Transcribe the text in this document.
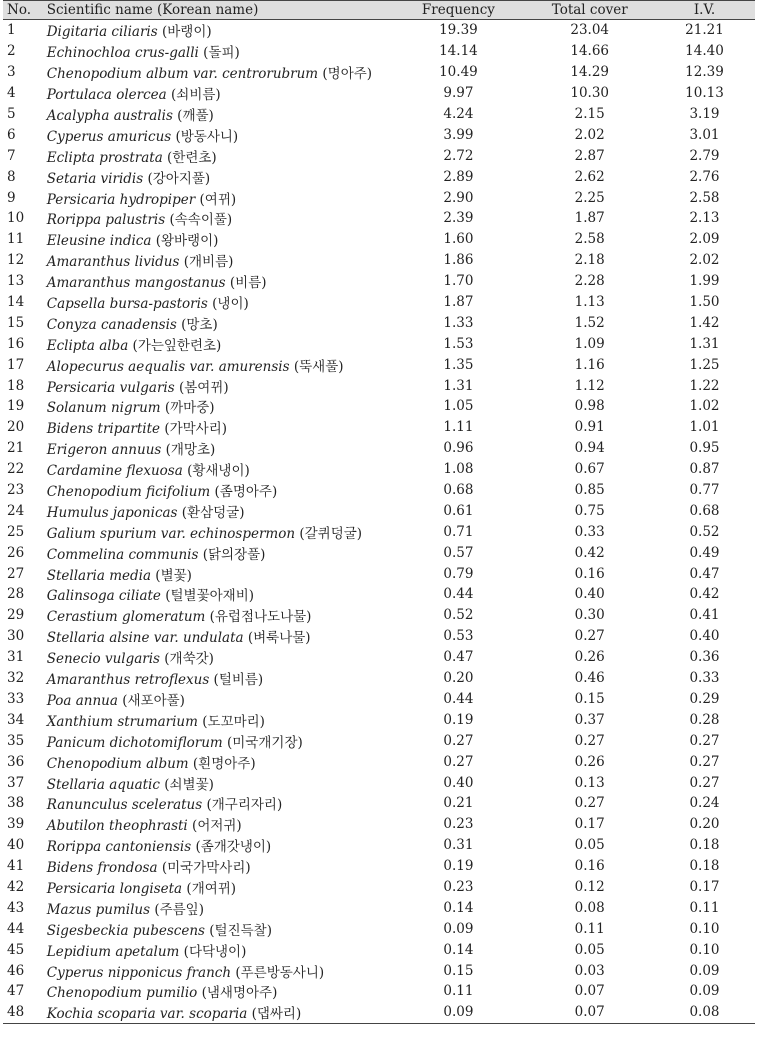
No.	Scientific name (Korean name)	Frequency	Total cover	I.V.
1	Digitaria ciliaris (바랭이)	19.39	23.04	21.21
2	Echinochloa crus-galli (돌피)	14.14	14.66	14.40
3	Chenopodium album var. centrorubrum (명아주)	10.49	14.29	12.39
4	Portulaca olercea (쇠비름)	9.97	10.30	10.13
5	Acalypha australis (깨풀)	4.24	2.15	3.19
6	Cyperus amuricus (방동사니)	3.99	2.02	3.01
7	Eclipta prostrata (한련초)	2.72	2.87	2.79
8	Setaria viridis (강아지풀)	2.89	2.62	2.76
9	Persicaria hydropiper (여뀌)	2.90	2.25	2.58
10	Rorippa palustris (속속이풀)	2.39	1.87	2.13
11	Eleusine indica (왕바랭이)	1.60	2.58	2.09
12	Amaranthus lividus (개비름)	1.86	2.18	2.02
13	Amaranthus mangostanus (비름)	1.70	2.28	1.99
14	Capsella bursa-pastoris (냉이)	1.87	1.13	1.50
15	Conyza canadensis (망초)	1.33	1.52	1.42
16	Eclipta alba (가는잎한련초)	1.53	1.09	1.31
17	Alopecurus aequalis var. amurensis (뚝새풀)	1.35	1.16	1.25
18	Persicaria vulgaris (봄여뀌)	1.31	1.12	1.22
19	Solanum nigrum (까마중)	1.05	0.98	1.02
20	Bidens tripartite (가막사리)	1.11	0.91	1.01
21	Erigeron annuus (개망초)	0.96	0.94	0.95
22	Cardamine flexuosa (황새냉이)	1.08	0.67	0.87
23	Chenopodium ficifolium (좀명아주)	0.68	0.85	0.77
24	Humulus japonicas (환삼덩굴)	0.61	0.75	0.68
25	Galium spurium var. echinospermon (갈퀴덩굴)	0.71	0.33	0.52
26	Commelina communis (닭의장풀)	0.57	0.42	0.49
27	Stellaria media (별꽃)	0.79	0.16	0.47
28	Galinsoga ciliate (털별꽃아재비)	0.44	0.40	0.42
29	Cerastium glomeratum (유럽점나도나물)	0.52	0.30	0.41
30	Stellaria alsine var. undulata (벼룩나물)	0.53	0.27	0.40
31	Senecio vulgaris (개쑥갓)	0.47	0.26	0.36
32	Amaranthus retroflexus (털비름)	0.20	0.46	0.33
33	Poa annua (새포아풀)	0.44	0.15	0.29
34	Xanthium strumarium (도꼬마리)	0.19	0.37	0.28
35	Panicum dichotomiflorum (미국개기장)	0.27	0.27	0.27
36	Chenopodium album (흰명아주)	0.27	0.26	0.27
37	Stellaria aquatic (쇠별꽃)	0.40	0.13	0.27
38	Ranunculus sceleratus (개구리자리)	0.21	0.27	0.24
39	Abutilon theophrasti (어저귀)	0.23	0.17	0.20
40	Rorippa cantoniensis (좀개갓냉이)	0.31	0.05	0.18
41	Bidens frondosa (미국가막사리)	0.19	0.16	0.18
42	Persicaria longiseta (개여뀌)	0.23	0.12	0.17
43	Mazus pumilus (주름잎)	0.14	0.08	0.11
44	Sigesbeckia pubescens (털진득찰)	0.09	0.11	0.10
45	Lepidium apetalum (다닥냉이)	0.14	0.05	0.10
46	Cyperus nipponicus franch (푸른방동사니)	0.15	0.03	0.09
47	Chenopodium pumilio (냄새명아주)	0.11	0.07	0.09
48	Kochia scoparia var. scoparia (댑싸리)	0.09	0.07	0.08
